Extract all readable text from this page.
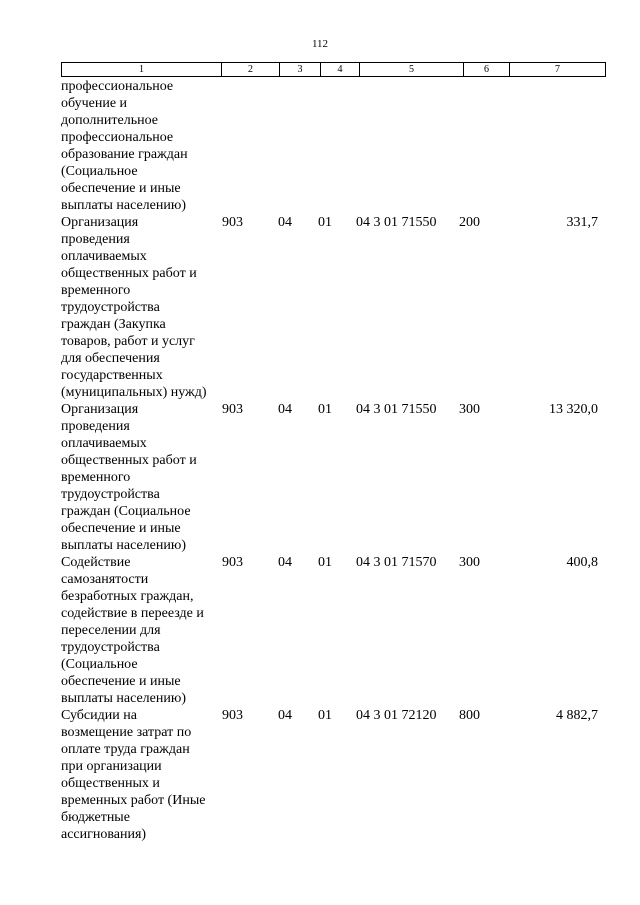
112
1	2	3	4	5	6	7
профессиональное
обучение и
дополнительное
профессиональное
образование граждан
(Социальное
обеспечение и иные
выплаты населению)
Организация
проведения
оплачиваемых
общественных работ и
временного
трудоустройства
граждан (Закупка
товаров, работ и услуг
для обеспечения
государственных
(муниципальных) нужд)
903	04	01	04 3 01 71550	200	331,7
Организация
проведения
оплачиваемых
общественных работ и
временного
трудоустройства
граждан (Социальное
обеспечение и иные
выплаты населению)
903	04	01	04 3 01 71550	300	13 320,0
Содействие
самозанятости
безработных граждан,
содействие в переезде и
переселении для
трудоустройства
(Социальное
обеспечение и иные
выплаты населению)
903	04	01	04 3 01 71570	300	400,8
Субсидии на
возмещение затрат по
оплате труда граждан
при организации
общественных и
временных работ (Иные
бюджетные
ассигнования)
903	04	01	04 3 01 72120	800	4 882,7
